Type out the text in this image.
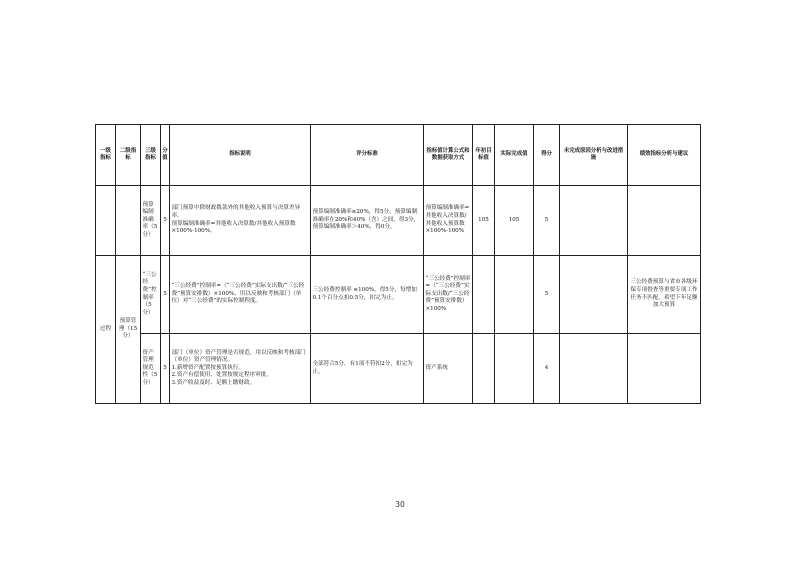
一级指标	二级指标	三级指标	分值	指标说明	评分标准	指标值计算公式和数据获取方式	年初目标值	实际完成值	得分	未完成原因分析与改进措施	绩效指标分析与建议
		预算编制准确率（5分）	5	部门预算中除财政拨款外的其他收入预算与决算差异率。
预算编制准确率=其他收入决算数/其他收入预算数×100%-100%。	预算编制准确率≤20%，得5分，预算编制准确率在20%和40%（含）之间，得3分，预算编制准确率＞40%，得0分。	预算编制准确率=其他收入决算数/其他收入预算数×100%-100%	105	105	5		
过程	预算管理（15分）	“三公经费”控制率（5分）	5	“三公经费”控制率=（“三公经费”实际支出数/“三公经费”预算安排数）×100%，用以反映和考核部门（单位）对“三公经费”的实际控制程度。	三公经费控制率 ≤100%，得5分，每增加0.1个百分点扣0.5分，扣完为止。	“三公经费”控制率=（“三公经费”实际支出数/“三公经费”预算安排数）×100%			5		三公经费预算与省市各级环保专项督查等重要专项工作任务不匹配，希望下年足额加大预算
		资产管理规范性（5分）	5	部门（单位）资产管理是否规范，用以反映和考核部门（单位）资产管理情况。
1.新增资产配置按预算执行。
2.资产有偿使用、处置按规定程序审批。
3.资产收益及时、足额上缴财政。	全部符合5分，有1项不符扣2分，扣完为止。	资产系统			4		
30
